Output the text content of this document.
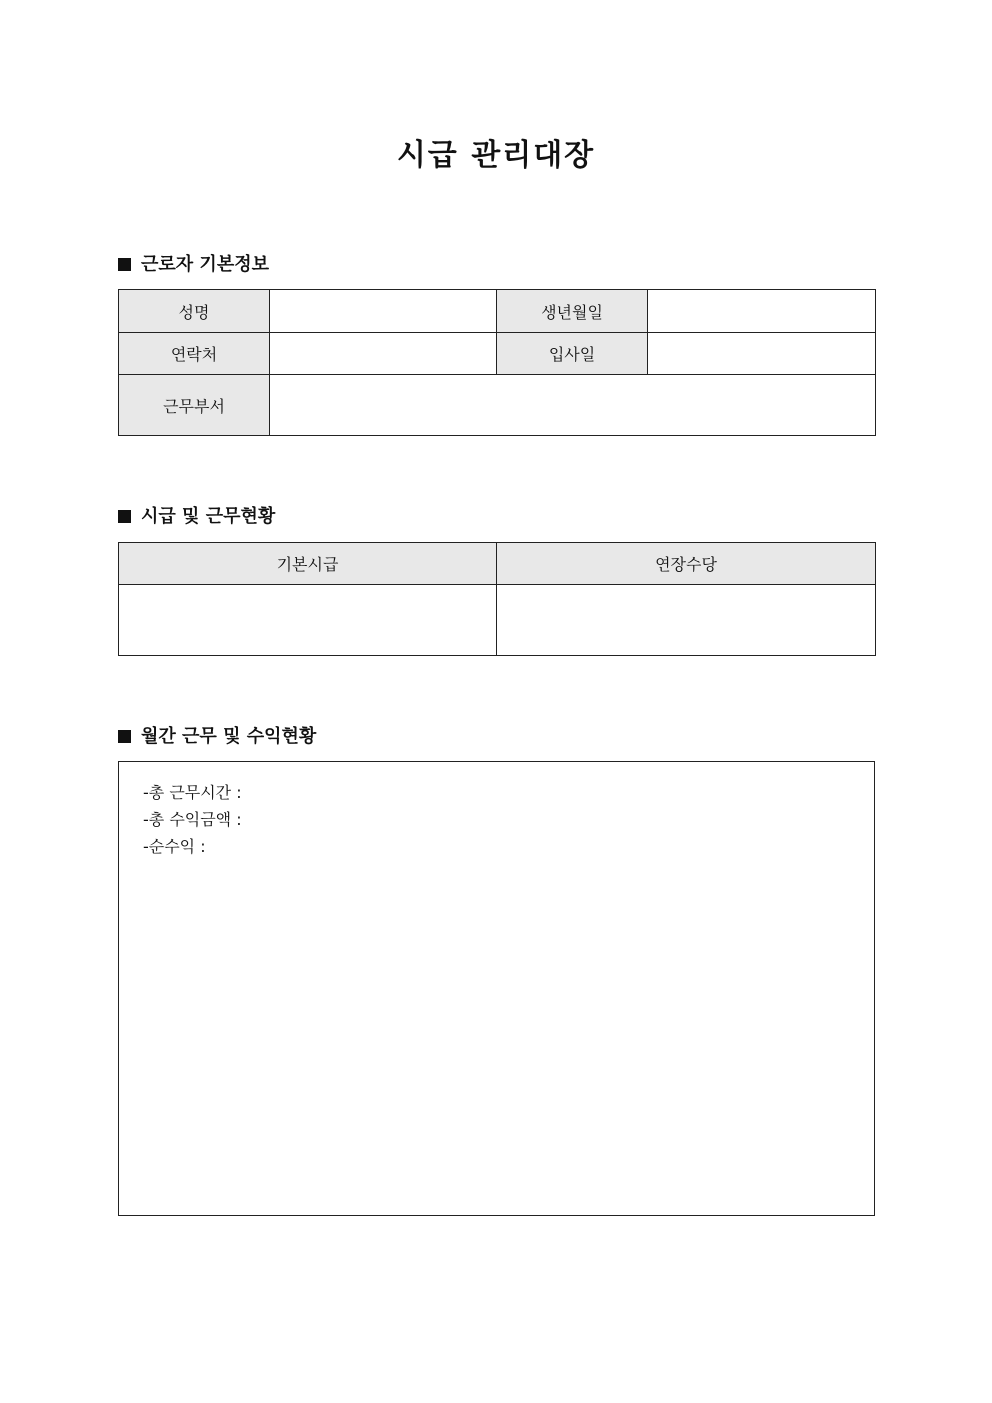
시급 관리대장
근로자 기본정보
성명		생년월일	
연락처		입사일	
근무부서			
시급 및 근무현황
기본시급	연장수당

월간 근무 및 수익현황
-총 근무시간 :
-총 수익금액 :
-순수익 :
